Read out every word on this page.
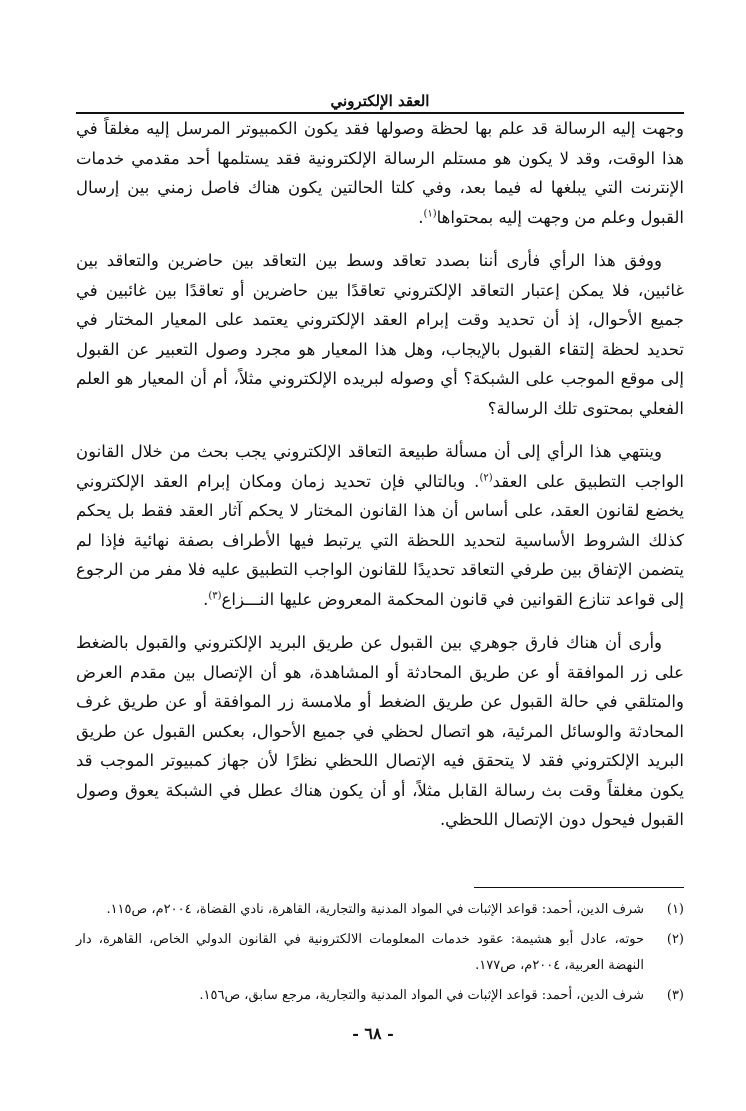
العقد الإلكتروني

وجهت إليه الرسالة قد علم بها لحظة وصولها فقد يكون الكمبيوتر المرسل إليه مغلقاً في هذا الوقت، وقد لا يكون هو مستلم الرسالة الإلكترونية فقد يستلمها أحد مقدمي خدمات الإنترنت التي يبلغها له فيما بعد، وفي كلتا الحالتين يكون هناك فاصل زمني بين إرسال القبول وعلم من وجهت إليه بمحتواها$^{(١)}$.

ووفق هذا الرأي فأرى أننا بصدد تعاقد وسط بين التعاقد بين حاضرين والتعاقد بين غائبين، فلا يمكن إعتبار التعاقد الإلكتروني تعاقدًا بين حاضرين أو تعاقدًا بين غائبين في جميع الأحوال، إذ أن تحديد وقت إبرام العقد الإلكتروني يعتمد على المعيار المختار في تحديد لحظة إلتقاء القبول بالإيجاب، وهل هذا المعيار هو مجرد وصول التعبير عن القبول إلى موقع الموجب على الشبكة؟ أي وصوله لبريده الإلكتروني مثلاً، أم أن المعيار هو العلم الفعلي بمحتوى تلك الرسالة؟

وينتهي هذا الرأي إلى أن مسألة طبيعة التعاقد الإلكتروني يجب بحث من خلال القانون الواجب التطبيق على العقد$^{(٢)}$. وبالتالي فإن تحديد زمان ومكان إبرام العقد الإلكتروني يخضع لقانون العقد، على أساس أن هذا القانون المختار لا يحكم آثار العقد فقط بل يحكم كذلك الشروط الأساسية لتحديد اللحظة التي يرتبط فيها الأطراف بصفة نهائية فإذا لم يتضمن الإتفاق بين طرفي التعاقد تحديدًا للقانون الواجب التطبيق عليه فلا مفر من الرجوع إلى قواعد تنازع القوانين في قانون المحكمة المعروض عليها النـــزاع$^{(٣)}$.

وأرى أن هناك فارق جوهري بين القبول عن طريق البريد الإلكتروني والقبول بالضغط على زر الموافقة أو عن طريق المحادثة أو المشاهدة، هو أن الإتصال بين مقدم العرض والمتلقي في حالة القبول عن طريق الضغط أو ملامسة زر الموافقة أو عن طريق غرف المحادثة والوسائل المرئية، هو اتصال لحظي في جميع الأحوال، بعكس القبول عن طريق البريد الإلكتروني فقد لا يتحقق فيه الإتصال اللحظي نظرًا لأن جهاز كمبيوتر الموجب قد يكون مغلقاً وقت بث رسالة القابل مثلاً، أو أن يكون هناك عطل في الشبكة يعوق وصول القبول فيحول دون الإتصال اللحظي.

(١)
شرف الدين، أحمد: قواعد الإثبات في المواد المدنية والتجارية، القاهرة، نادي القضاة، ٢٠٠٤م، ص١١٥.
(٢)
حوته، عادل أبو هشيمة: عقود خدمات المعلومات الالكترونية في القانون الدولي الخاص، القاهرة، دار النهضة العربية، ٢٠٠٤م، ص١٧٧.
(٣)
شرف الدين، أحمد: قواعد الإثبات في المواد المدنية والتجارية، مرجع سابق، ص١٥٦.
- ٦٨ -
